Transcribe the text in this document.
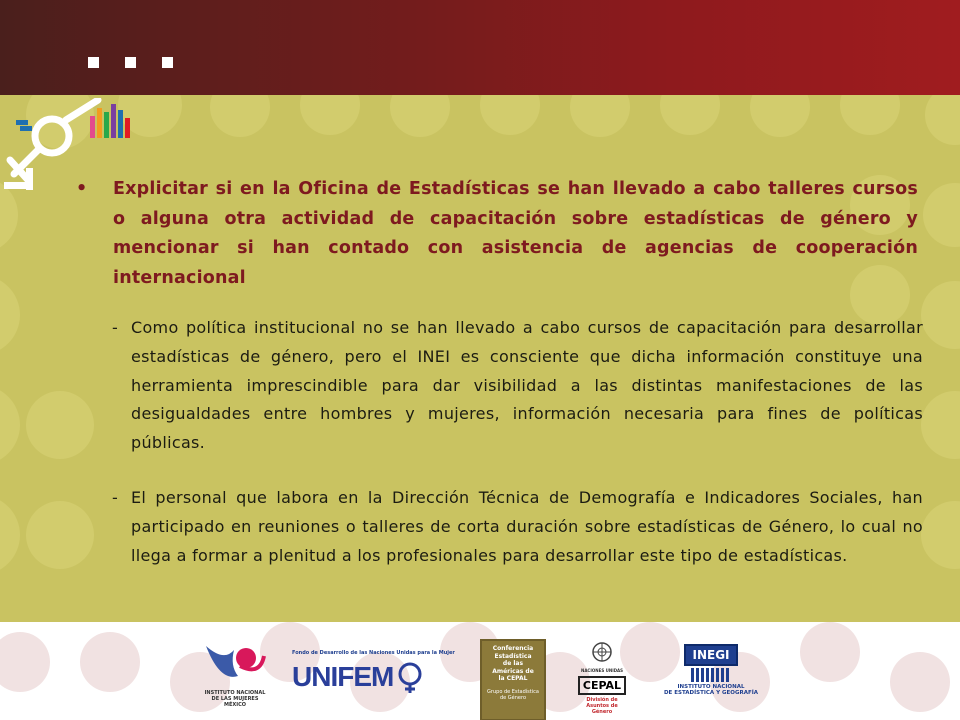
• Explicitar si en la Oficina de Estadísticas se han llevado a cabo talleres cursos o alguna otra actividad de capacitación sobre estadísticas de género y mencionar si han contado con asistencia de agencias de cooperación internacional
- Como política institucional no se han llevado a cabo cursos de capacitación para desarrollar estadísticas de género, pero el INEI es consciente que dicha información constituye una herramienta imprescindible para dar visibilidad a las distintas manifestaciones de las desigualdades entre hombres y mujeres, información necesaria para fines de políticas públicas.
- El personal que labora en la Dirección Técnica de Demografía e Indicadores Sociales, han participado en reuniones o talleres de corta duración sobre estadísticas de Género, lo cual no llega a formar a plenitud a los profesionales para desarrollar este tipo de estadísticas.
INSTITUTO NACIONAL
DE LAS MUJERES
MÉXICO
Fondo de Desarrollo de las Naciones Unidas para la Mujer
UNIFEM
Conferencia
Estadística
de las
Américas de
la CEPAL
Grupo de Estadística
de Género
NACIONES UNIDAS
CEPAL
División de
Asuntos de
Género
INEGI
INSTITUTO NACIONAL
DE ESTADÍSTICA Y GEOGRAFÍA
